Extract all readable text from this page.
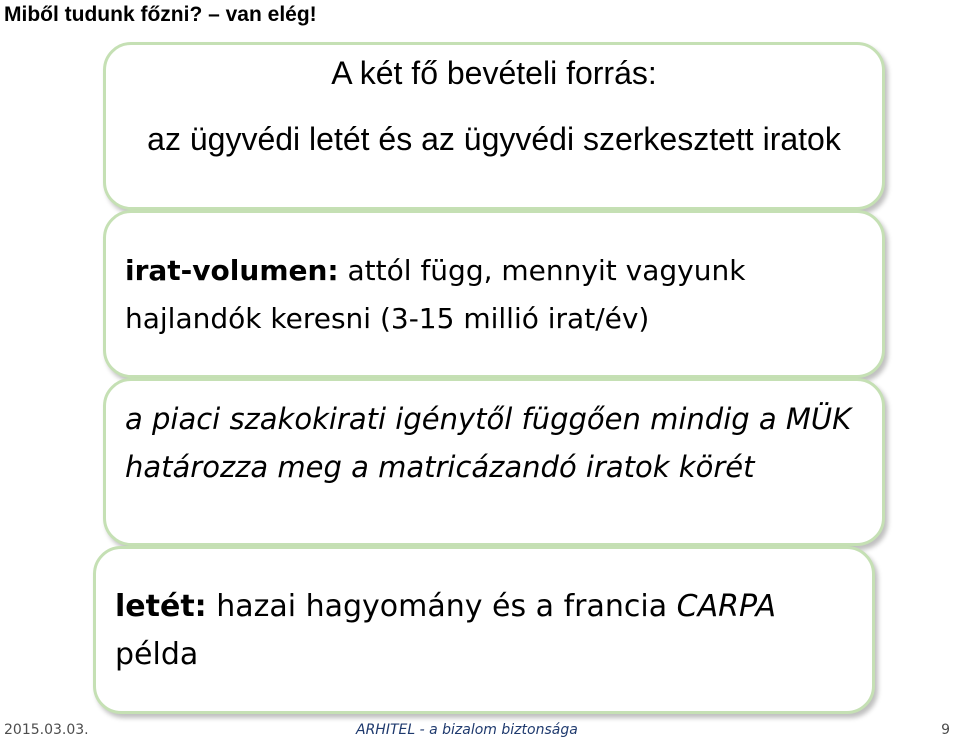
Miből tudunk főzni? – van elég!
A két fő bevételi forrás:
az ügyvédi letét és az ügyvédi szerkesztett iratok
irat-volumen: attól függ, mennyit vagyunk hajlandók keresni (3-15 millió irat/év)
a piaci szakokirati igénytől függően mindig a MÜK határozza meg a matricázandó iratok körét
letét: hazai hagyomány és a francia CARPA példa
2015.03.03.	ARHITEL - a bizalom biztonsága	9
